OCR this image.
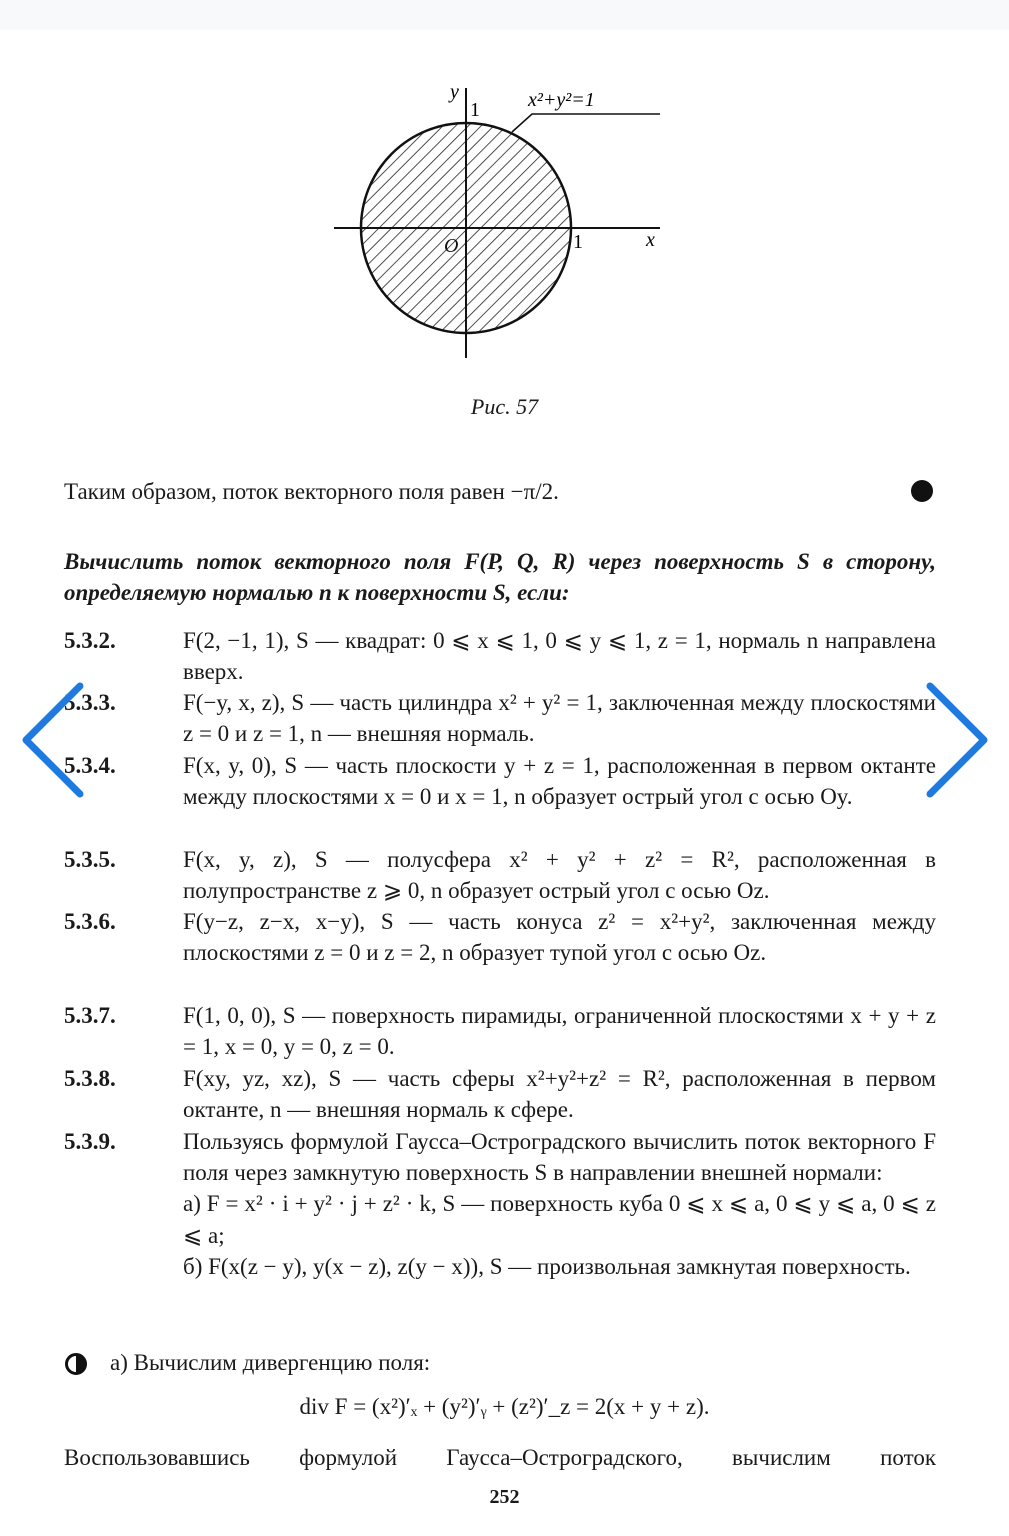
y
1 x²+y²=1
O	1	x
Рис. 57
Таким образом, поток векторного поля равен −π/2.
Вычислить поток векторного поля F(P, Q, R) через поверхность S в сторону, определяемую нормалью n к поверхности S, если:
5.3.2.	F(2, −1, 1), S — квадрат: 0 ⩽ x ⩽ 1, 0 ⩽ y ⩽ 1, z = 1, нормаль n направлена вверх.
5.3.3.	F(−y, x, z), S — часть цилиндра x² + y² = 1, заключенная между плоскостями z = 0 и z = 1, n — внешняя нормаль.
5.3.4.	F(x, y, 0), S — часть плоскости y + z = 1, расположенная в первом октанте между плоскостями x = 0 и x = 1, n образует острый угол с осью Oy.
5.3.5.	F(x, y, z), S — полусфера x² + y² + z² = R², расположенная в полупространстве z ⩾ 0, n образует острый угол с осью Oz.
5.3.6.	F(y−z, z−x, x−y), S — часть конуса z² = x²+y², заключенная между плоскостями z = 0 и z = 2, n образует тупой угол с осью Oz.
5.3.7.	F(1, 0, 0), S — поверхность пирамиды, ограниченной плоскостями x + y + z = 1, x = 0, y = 0, z = 0.
5.3.8.	F(xy, yz, xz), S — часть сферы x²+y²+z² = R², расположенная в первом октанте, n — внешняя нормаль к сфере.
5.3.9.	Пользуясь формулой Гаусса–Остроградского вычислить поток векторного F поля через замкнутую поверхность S в направлении внешней нормали:
а) F = x² · i + y² · j + z² · k, S — поверхность куба 0 ⩽ x ⩽ a, 0 ⩽ y ⩽ a, 0 ⩽ z ⩽ a;
б) F(x(z − y), y(x − z), z(y − x)), S — произвольная замкнутая поверхность.
а) Вычислим дивергенцию поля:
div F = (x²)′ₓ + (y²)′ᵧ + (z²)′_z = 2(x + y + z).
Воспользовавшись формулой Гаусса–Остроградского, вычислим поток
252
